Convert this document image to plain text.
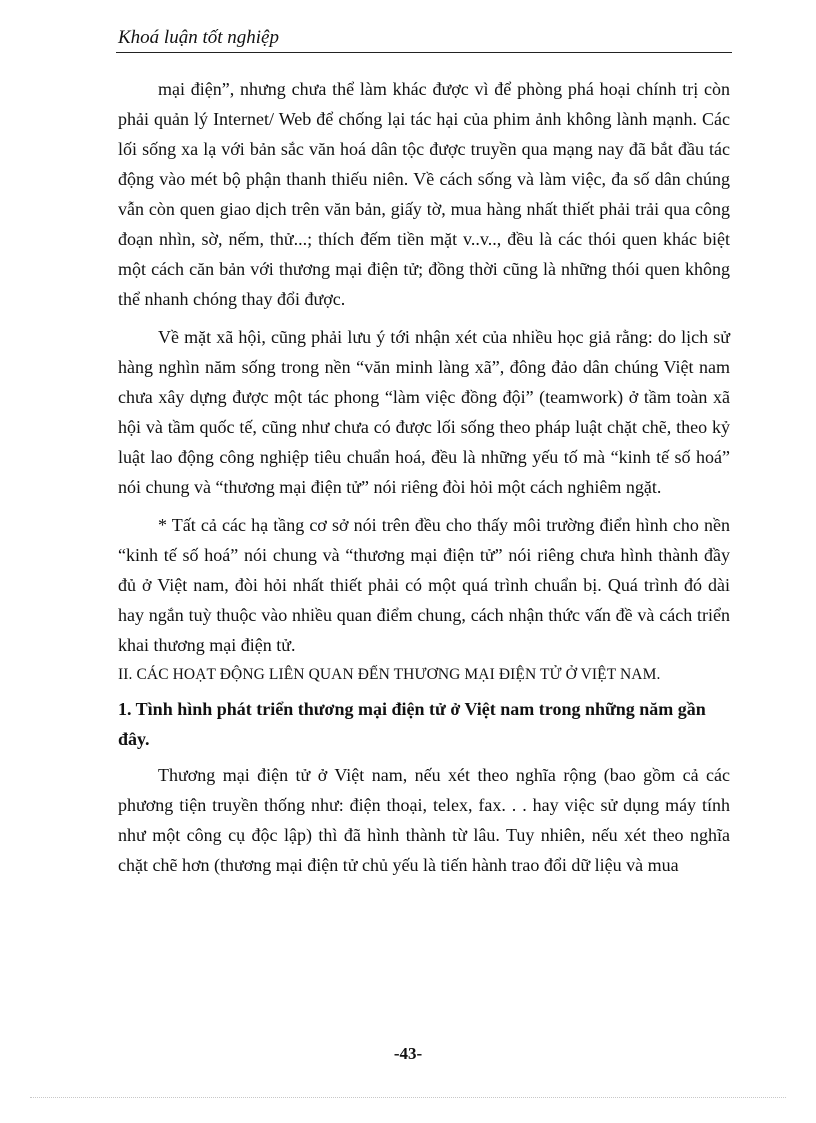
Khoá luận tốt nghiệp

mại điện”, nhưng chưa thể làm khác được vì để phòng phá hoại chính trị còn phải quản lý Internet/ Web để chống lại tác hại của phim ảnh không lành mạnh. Các lối sống xa lạ với bản sắc văn hoá dân tộc được truyền qua mạng nay đã bắt đầu tác động vào mét bộ phận thanh thiếu niên. Về cách sống và làm việc, đa số dân chúng vẫn còn quen giao dịch trên văn bản, giấy tờ, mua hàng nhất thiết phải trải qua công đoạn nhìn, sờ, nếm, thử...; thích đếm tiền mặt v..v.., đều là các thói quen khác biệt một cách căn bản với thương mại điện tử; đồng thời cũng là những thói quen không thể nhanh chóng thay đổi được.

Về mặt xã hội, cũng phải lưu ý tới nhận xét của nhiều học giả rằng: do lịch sử hàng nghìn năm sống trong nền “văn minh làng xã”, đông đảo dân chúng Việt nam chưa xây dựng được một tác phong “làm việc đồng đội” (teamwork) ở tầm toàn xã hội và tầm quốc tế, cũng như chưa có được lối sống theo pháp luật chặt chẽ, theo kỷ luật lao động công nghiệp tiêu chuẩn hoá, đều là những yếu tố mà “kinh tế số hoá” nói chung và “thương mại điện tử” nói riêng đòi hỏi một cách nghiêm ngặt.

* Tất cả các hạ tầng cơ sở nói trên đều cho thấy môi trường điển hình cho nền “kinh tế số hoá” nói chung và “thương mại điện tử” nói riêng chưa hình thành đầy đủ ở Việt nam, đòi hỏi nhất thiết phải có một quá trình chuẩn bị. Quá trình đó dài hay ngắn tuỳ thuộc vào nhiều quan điểm chung, cách nhận thức vấn đề và cách triển khai thương mại điện tử.

II. CÁC HOẠT ĐỘNG LIÊN QUAN ĐẾN THƯƠNG MẠI ĐIỆN TỬ Ở VIỆT NAM.
1. Tình hình phát triển thương mại điện tử ở Việt nam trong những năm gần đây.

Thương mại điện tử ở Việt nam, nếu xét theo nghĩa rộng (bao gồm cả các phương tiện truyền thống như: điện thoại, telex, fax. . . hay việc sử dụng máy tính như một công cụ độc lập) thì đã hình thành từ lâu. Tuy nhiên, nếu xét theo nghĩa chặt chẽ hơn (thương mại điện tử chủ yếu là tiến hành trao đổi dữ liệu và mua

-43-
